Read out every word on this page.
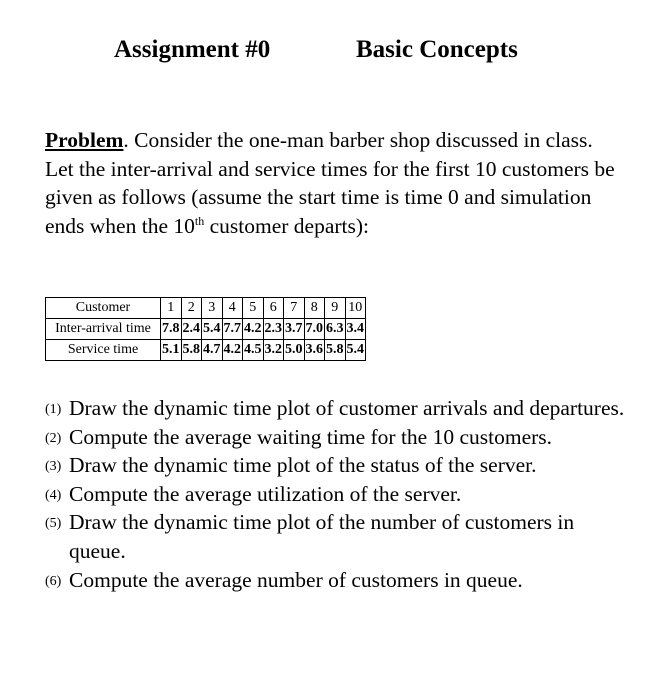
Assignment #0	Basic Concepts
Problem. Consider the one-man barber shop discussed in class. Let the inter-arrival and service times for the first 10 customers be given as follows (assume the start time is time 0 and simulation ends when the 10th customer departs):
Customer	1	2	3	4	5	6	7	8	9	10
Inter-arrival time	7.8	2.4	5.4	7.7	4.2	2.3	3.7	7.0	6.3	3.4
Service time	5.1	5.8	4.7	4.2	4.5	3.2	5.0	3.6	5.8	5.4
(1) Draw the dynamic time plot of customer arrivals and departures.
(2) Compute the average waiting time for the 10 customers.
(3) Draw the dynamic time plot of the status of the server.
(4) Compute the average utilization of the server.
(5) Draw the dynamic time plot of the number of customers in queue.
(6) Compute the average number of customers in queue.
